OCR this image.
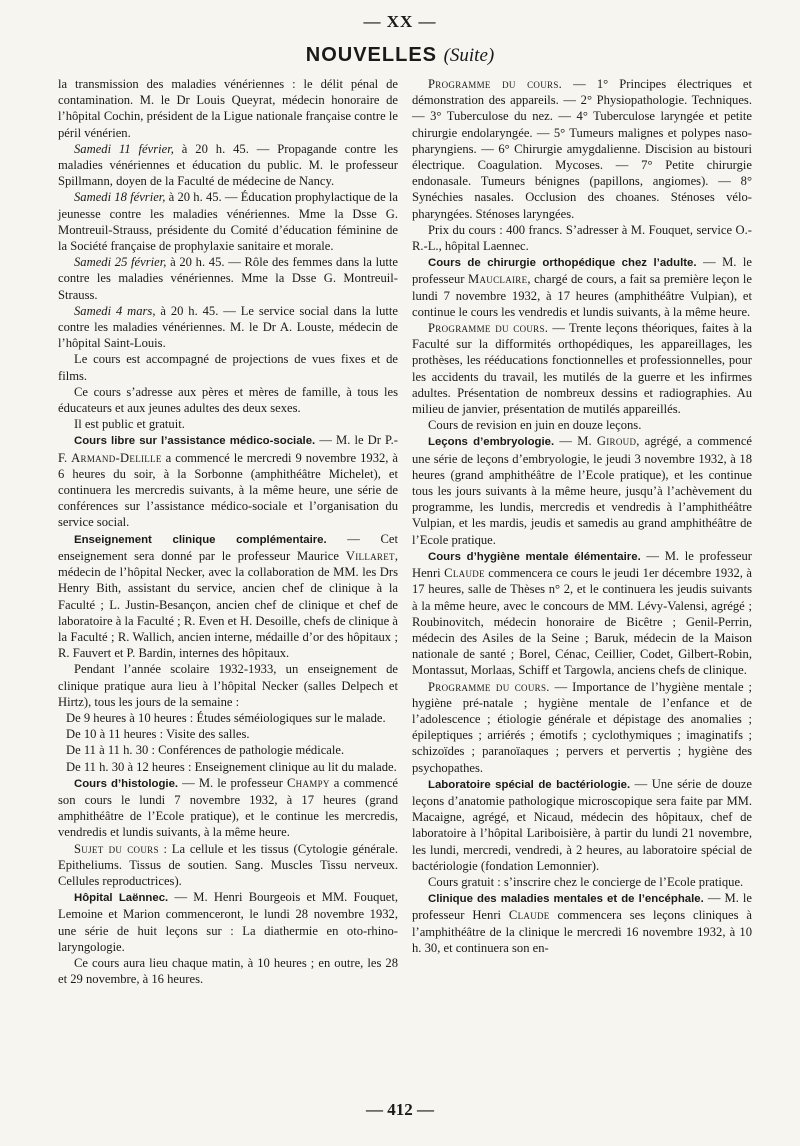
— XX —
NOUVELLES (Suite)

la transmission des maladies vénériennes : le délit pénal de contamination. M. le Dr Louis Queyrat, médecin honoraire de l’hôpital Cochin, président de la Ligue nationale française contre le péril vénérien.

Samedi 11 février, à 20 h. 45. — Propagande contre les maladies vénériennes et éducation du public. M. le professeur Spillmann, doyen de la Faculté de médecine de Nancy.

Samedi 18 février, à 20 h. 45. — Éducation prophylactique de la jeunesse contre les maladies vénériennes. Mme la Dsse G. Montreuil-Strauss, présidente du Comité d’éducation féminine de la Société française de prophylaxie sanitaire et morale.

Samedi 25 février, à 20 h. 45. — Rôle des femmes dans la lutte contre les maladies vénériennes. Mme la Dsse G. Montreuil-Strauss.

Samedi 4 mars, à 20 h. 45. — Le service social dans la lutte contre les maladies vénériennes. M. le Dr A. Louste, médecin de l’hôpital Saint-Louis.

Le cours est accompagné de projections de vues fixes et de films.

Ce cours s’adresse aux pères et mères de famille, à tous les éducateurs et aux jeunes adultes des deux sexes.

Il est public et gratuit.

Cours libre sur l’assistance médico-sociale. — M. le Dr P.-F. Armand-Delille a commencé le mercredi 9 novembre 1932, à 6 heures du soir, à la Sorbonne (amphithéâtre Michelet), et continuera les mercredis suivants, à la même heure, une série de conférences sur l’assistance médico-sociale et l’organisation du service social.

Enseignement clinique complémentaire. — Cet enseignement sera donné par le professeur Maurice Villaret, médecin de l’hôpital Necker, avec la collaboration de MM. les Drs Henry Bith, assistant du service, ancien chef de clinique à la Faculté ; L. Justin-Besançon, ancien chef de clinique et chef de laboratoire à la Faculté ; R. Even et H. Desoille, chefs de clinique à la Faculté ; R. Wallich, ancien interne, médaille d’or des hôpitaux ; R. Fauvert et P. Bardin, internes des hôpitaux.

Pendant l’année scolaire 1932-1933, un enseignement de clinique pratique aura lieu à l’hôpital Necker (salles Delpech et Hirtz), tous les jours de la semaine :

De 9 heures à 10 heures : Études séméiologiques sur le malade.

De 10 à 11 heures : Visite des salles.

De 11 à 11 h. 30 : Conférences de pathologie médicale.

De 11 h. 30 à 12 heures : Enseignement clinique au lit du malade.

Cours d’histologie. — M. le professeur Champy a commencé son cours le lundi 7 novembre 1932, à 17 heures (grand amphithéâtre de l’Ecole pratique), et le continue les mercredis, vendredis et lundis suivants, à la même heure.

Sujet du cours : La cellule et les tissus (Cytologie générale. Epitheliums. Tissus de soutien. Sang. Muscles Tissu nerveux. Cellules reproductrices).

Hôpital Laënnec. — M. Henri Bourgeois et MM. Fouquet, Lemoine et Marion commenceront, le lundi 28 novembre 1932, une série de huit leçons sur : La diathermie en oto-rhino-laryngologie.

Ce cours aura lieu chaque matin, à 10 heures ; en outre, les 28 et 29 novembre, à 16 heures.

Programme du cours. — 1° Principes électriques et démonstration des appareils. — 2° Physiopathologie. Techniques. — 3° Tuberculose du nez. — 4° Tuberculose laryngée et petite chirurgie endolaryngée. — 5° Tumeurs malignes et polypes naso-pharyngiens. — 6° Chirurgie amygdalienne. Discision au bistouri électrique. Coagulation. Mycoses. — 7° Petite chirurgie endonasale. Tumeurs bénignes (papillons, angiomes). — 8° Synéchies nasales. Occlusion des choanes. Sténoses vélo-pharyngées. Sténoses laryngées.

Prix du cours : 400 francs. S’adresser à M. Fouquet, service O.-R.-L., hôpital Laennec.

Cours de chirurgie orthopédique chez l’adulte. — M. le professeur Mauclaire, chargé de cours, a fait sa première leçon le lundi 7 novembre 1932, à 17 heures (amphithéâtre Vulpian), et continue le cours les vendredis et lundis suivants, à la même heure.

Programme du cours. — Trente leçons théoriques, faites à la Faculté sur la difformités orthopédiques, les appareillages, les prothèses, les rééducations fonctionnelles et professionnelles, pour les accidents du travail, les mutilés de la guerre et les infirmes adultes. Présentation de nombreux dessins et radiographies. Au milieu de janvier, présentation de mutilés appareillés.

Cours de revision en juin en douze leçons.

Leçons d’embryologie. — M. Giroud, agrégé, a commencé une série de leçons d’embryologie, le jeudi 3 novembre 1932, à 18 heures (grand amphithéâtre de l’Ecole pratique), et les continue tous les jours suivants à la même heure, jusqu’à l’achèvement du programme, les lundis, mercredis et vendredis à l’amphithéâtre Vulpian, et les mardis, jeudis et samedis au grand amphithéâtre de l’Ecole pratique.

Cours d’hygiène mentale élémentaire. — M. le professeur Henri Claude commencera ce cours le jeudi 1er décembre 1932, à 17 heures, salle de Thèses n° 2, et le continuera les jeudis suivants à la même heure, avec le concours de MM. Lévy-Valensi, agrégé ; Roubinovitch, médecin honoraire de Bicêtre ; Genil-Perrin, médecin des Asiles de la Seine ; Baruk, médecin de la Maison nationale de santé ; Borel, Cénac, Ceillier, Codet, Gilbert-Robin, Montassut, Morlaas, Schiff et Targowla, anciens chefs de clinique.

Programme du cours. — Importance de l’hygiène mentale ; hygiène pré-natale ; hygiène mentale de l’enfance et de l’adolescence ; étiologie générale et dépistage des anomalies ; épileptiques ; arriérés ; émotifs ; cyclothymiques ; imaginatifs ; schizoïdes ; paranoïaques ; pervers et pervertis ; hygiène des psychopathes.

Laboratoire spécial de bactériologie. — Une série de douze leçons d’anatomie pathologique microscopique sera faite par MM. Macaigne, agrégé, et Nicaud, médecin des hôpitaux, chef de laboratoire à l’hôpital Lariboisière, à partir du lundi 21 novembre, les lundi, mercredi, vendredi, à 2 heures, au laboratoire spécial de bactériologie (fondation Lemonnier).

Cours gratuit : s’inscrire chez le concierge de l’Ecole pratique.

Clinique des maladies mentales et de l’encéphale. — M. le professeur Henri Claude commencera ses leçons cliniques à l’amphithéâtre de la clinique le mercredi 16 novembre 1932, à 10 h. 30, et continuera son en-

— 412 —
